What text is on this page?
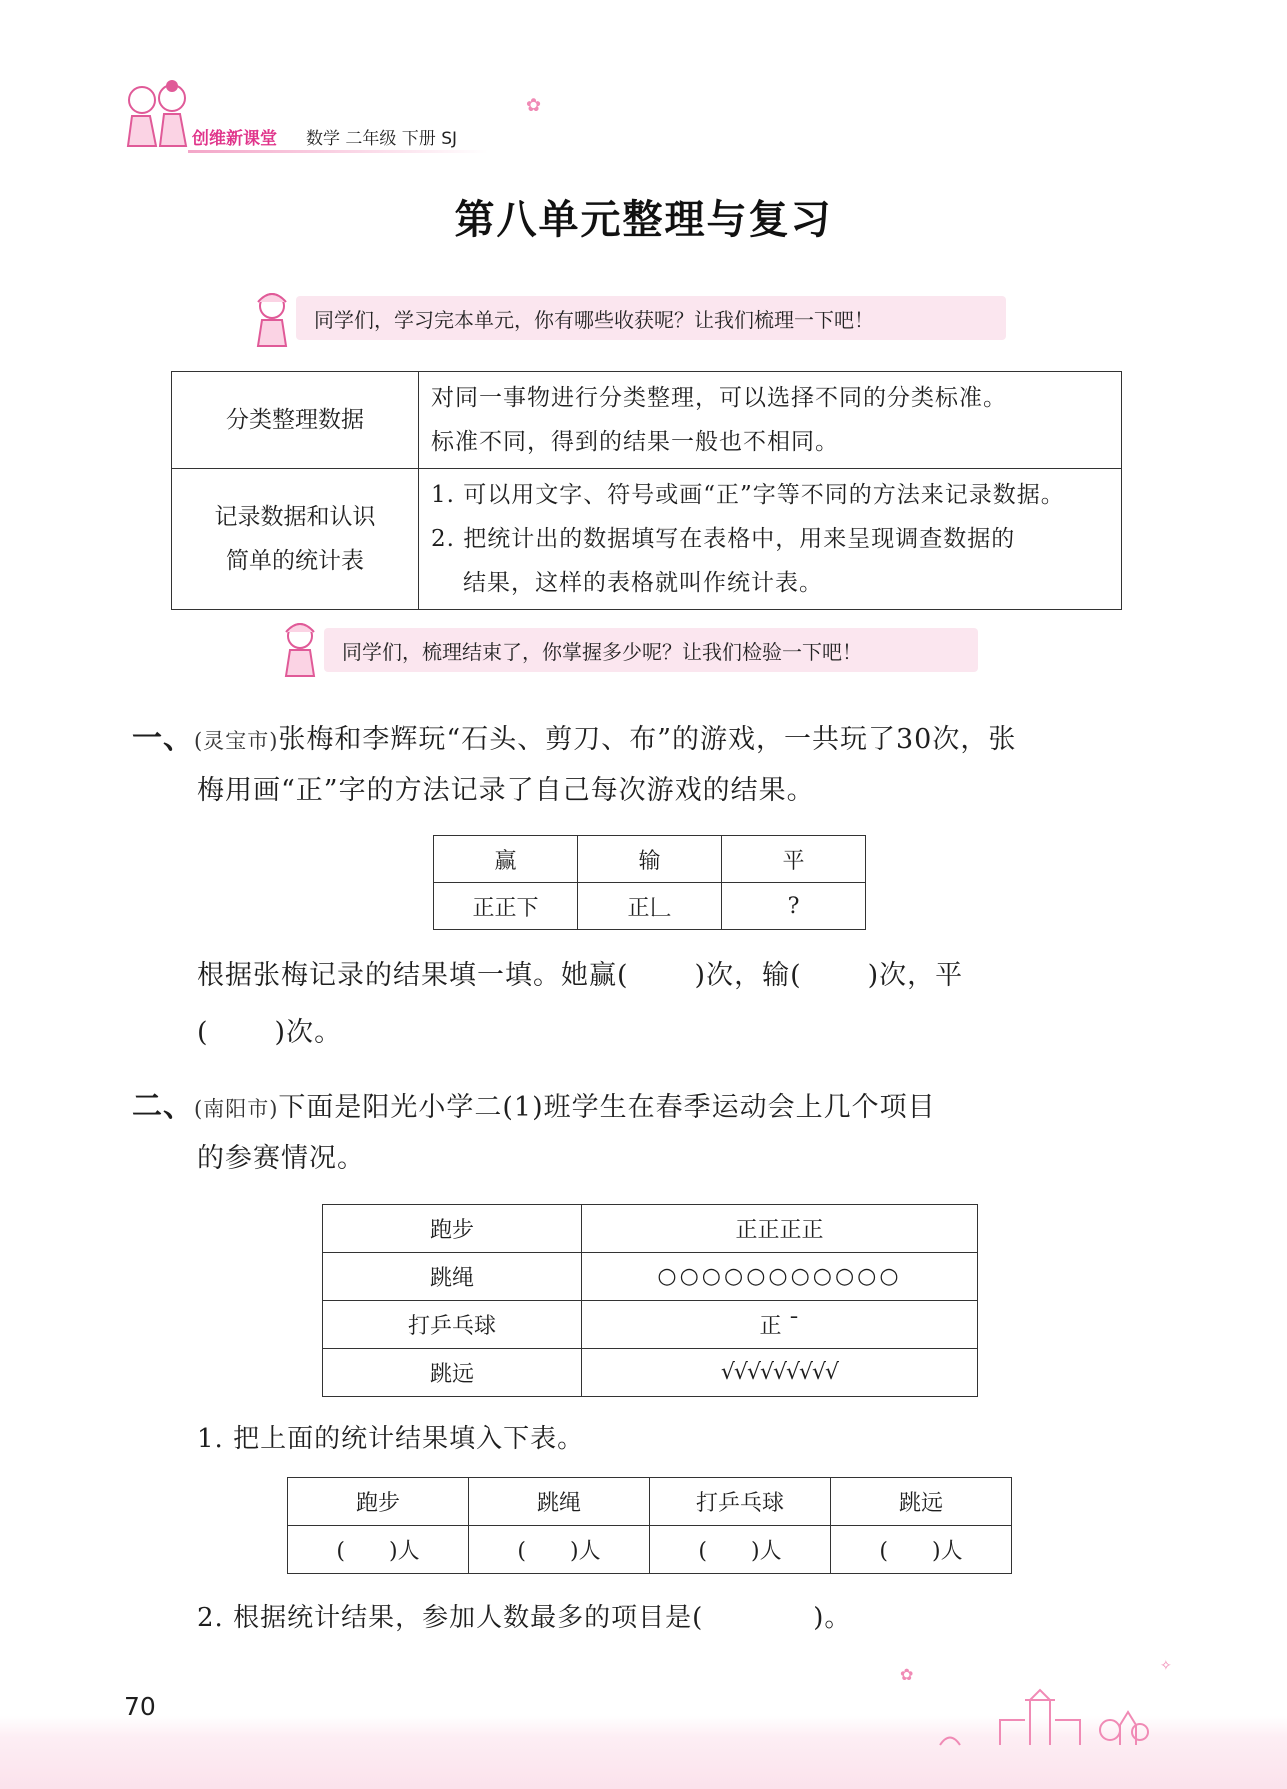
创维新课堂 数学 二年级 下册 SJ
✿
第八单元整理与复习
同学们，学习完本单元，你有哪些收获呢？让我们梳理一下吧！
分类整理数据	对同一事物进行分类整理，可以选择不同的分类标准。
标准不同，得到的结果一般也不相同。
记录数据和认识
简单的统计表	1. 可以用文字、符号或画“正”字等不同的方法来记录数据。
2. 把统计出的数据填写在表格中，用来呈现调查数据的
结果，这样的表格就叫作统计表。
同学们，梳理结束了，你掌握多少呢？让我们检验一下吧！
一、(灵宝市)张梅和李辉玩“石头、剪刀、布”的游戏，一共玩了30次，张
梅用画“正”字的方法记录了自己每次游戏的结果。
赢	输	平
正正下	正𠃊	?
根据张梅记录的结果填一填。她赢( )次，输( )次，平
( )次。
二、(南阳市)下面是阳光小学二(1)班学生在春季运动会上几个项目
的参赛情况。
跑步	正正正正
跳绳	○○○○○○○○○○○
打乒乓球	正 ¯
跳远	√√√√√√√√√
1. 把上面的统计结果填入下表。
跑步	跳绳	打乒乓球	跳远
( )人	( )人	( )人	( )人
2. 根据统计结果，参加人数最多的项目是(	)。
✿	✧
70
